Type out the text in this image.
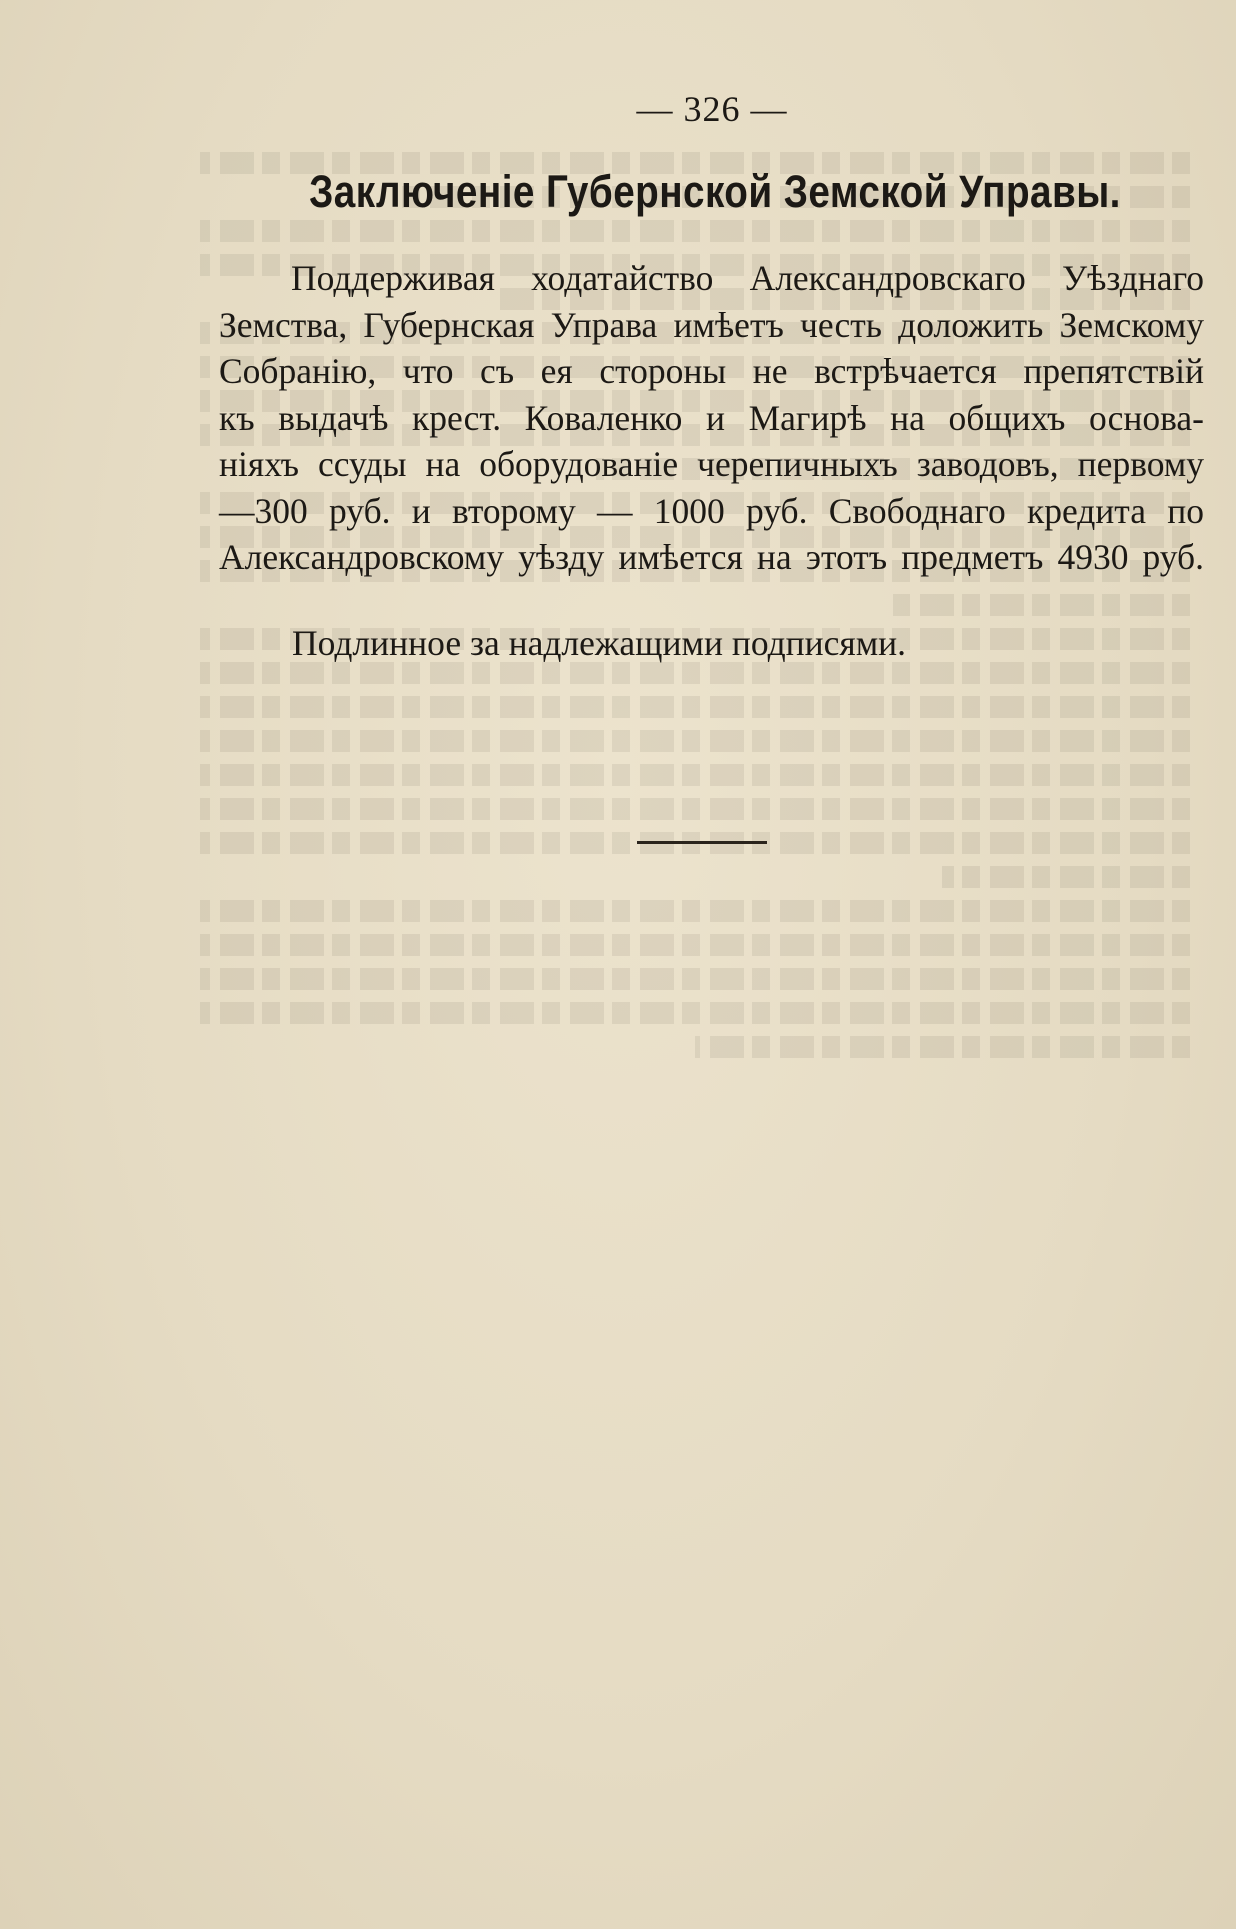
— 326 —
Заключеніе Губернской Земской Управы.
Поддерживая ходатайство Александровскаго Уѣзднаго
Земства, Губернская Управа имѣетъ честь доложить Земскому
Собранію, что съ ея стороны не встрѣчается препятствій
къ выдачѣ крест. Коваленко и Магирѣ на общихъ основа-
ніяхъ ссуды на оборудованіе черепичныхъ заводовъ, первому
—300 руб. и второму — 1000 руб. Свободнаго кредита по
Александровскому уѣзду имѣется на этотъ предметъ 4930 руб.
Подлинное за надлежащими подписями.
